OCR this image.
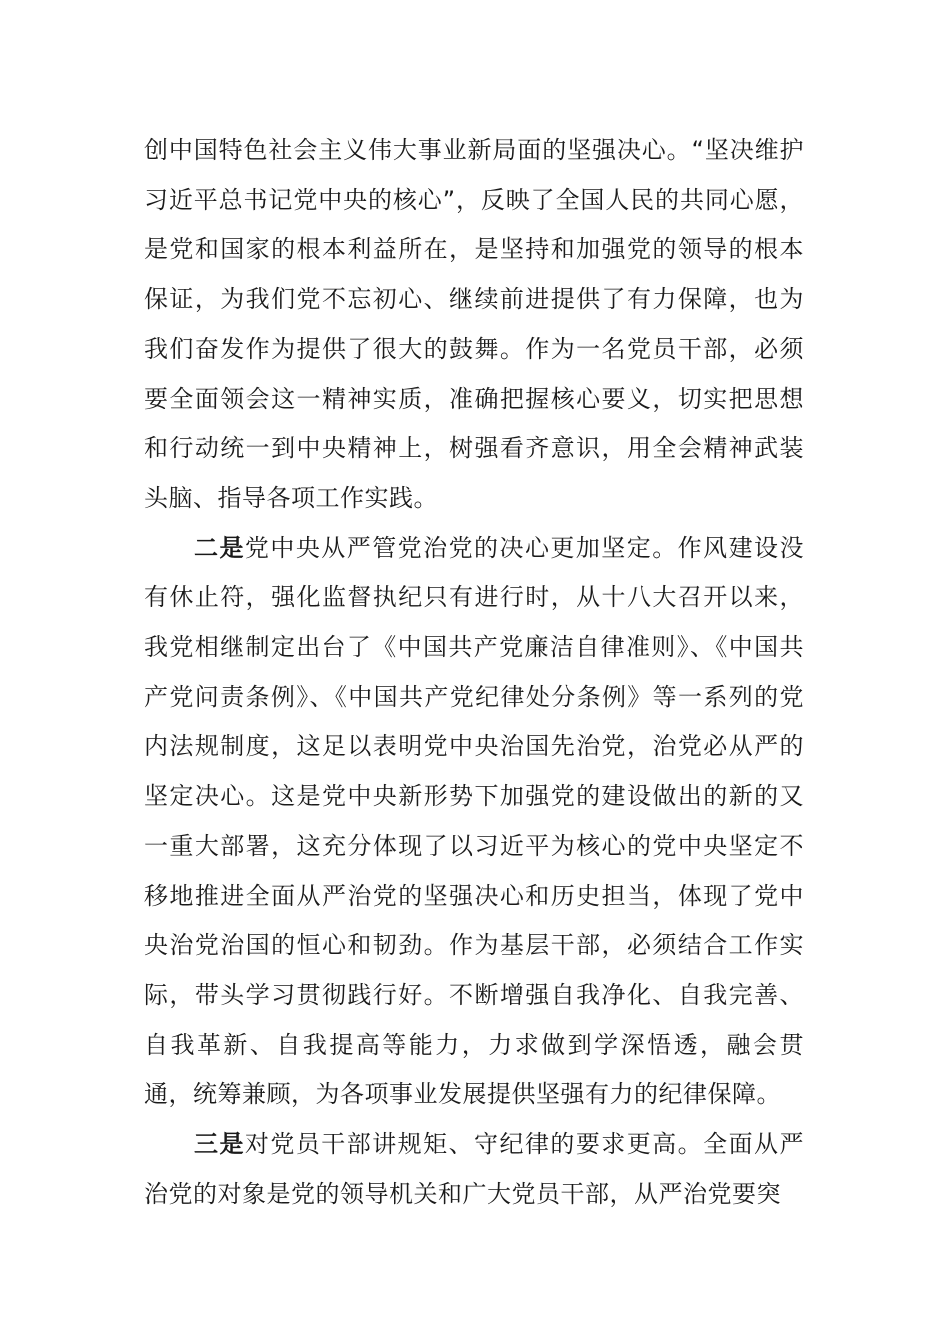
创中国特色社会主义伟大事业新局面的坚强决心。“坚决维护习近平总书记党中央的核心”，反映了全国人民的共同心愿，是党和国家的根本利益所在，是坚持和加强党的领导的根本保证，为我们党不忘初心、继续前进提供了有力保障，也为我们奋发作为提供了很大的鼓舞。作为一名党员干部，必须要全面领会这一精神实质，准确把握核心要义，切实把思想和行动统一到中央精神上，树强看齐意识，用全会精神武装头脑、指导各项工作实践。

二是党中央从严管党治党的决心更加坚定。作风建设没有休止符，强化监督执纪只有进行时，从十八大召开以来，我党相继制定出台了《中国共产党廉洁自律准则》、《中国共产党问责条例》、《中国共产党纪律处分条例》等一系列的党内法规制度，这足以表明党中央治国先治党，治党必从严的坚定决心。这是党中央新形势下加强党的建设做出的新的又一重大部署，这充分体现了以习近平为核心的党中央坚定不移地推进全面从严治党的坚强决心和历史担当，体现了党中央治党治国的恒心和韧劲。作为基层干部，必须结合工作实际，带头学习贯彻践行好。不断增强自我净化、自我完善、自我革新、自我提高等能力，力求做到学深悟透，融会贯通，统筹兼顾，为各项事业发展提供坚强有力的纪律保障。

三是对党员干部讲规矩、守纪律的要求更高。全面从严治党的对象是党的领导机关和广大党员干部，从严治党要突
